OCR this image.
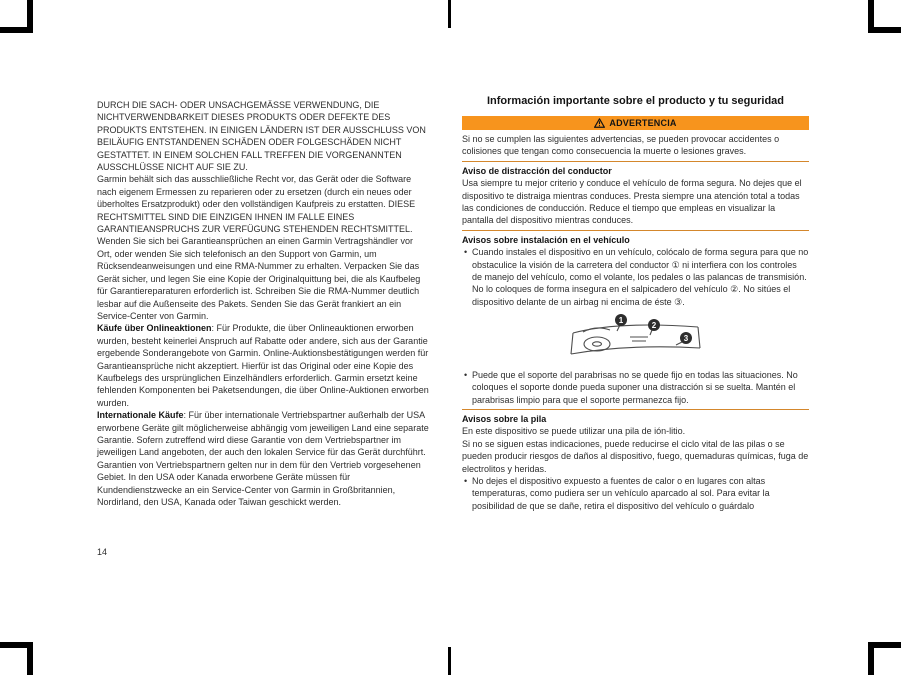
DURCH DIE SACH- ODER UNSACHGEMÄSSE VERWENDUNG, DIE NICHTVERWENDBARKEIT DIESES PRODUKTS ODER DEFEKTE DES PRODUKTS ENTSTEHEN. IN EINIGEN LÄNDERN IST DER AUSSCHLUSS VON BEILÄUFIG ENTSTANDENEN SCHÄDEN ODER FOLGESCHÄDEN NICHT GESTATTET. IN EINEM SOLCHEN FALL TREFFEN DIE VORGENANNTEN AUSSCHLÜSSE NICHT AUF SIE ZU.

Garmin behält sich das ausschließliche Recht vor, das Gerät oder die Software nach eigenem Ermessen zu reparieren oder zu ersetzen (durch ein neues oder überholtes Ersatzprodukt) oder den vollständigen Kaufpreis zu erstatten. DIESE RECHTSMITTEL SIND DIE EINZIGEN IHNEN IM FALLE EINES GARANTIEANSPRUCHS ZUR VERFÜGUNG STEHENDEN RECHTSMITTEL.

Wenden Sie sich bei Garantieansprüchen an einen Garmin Vertragshändler vor Ort, oder wenden Sie sich telefonisch an den Support von Garmin, um Rücksendeanweisungen und eine RMA-Nummer zu erhalten. Verpacken Sie das Gerät sicher, und legen Sie eine Kopie der Originalquittung bei, die als Kaufbeleg für Garantiereparaturen erforderlich ist. Schreiben Sie die RMA-Nummer deutlich lesbar auf die Außenseite des Pakets. Senden Sie das Gerät frankiert an ein Service-Center von Garmin.

Käufe über Onlineaktionen: Für Produkte, die über Onlineauktionen erworben wurden, besteht keinerlei Anspruch auf Rabatte oder andere, sich aus der Garantie ergebende Sonderangebote von Garmin. Online-Auktionsbestätigungen werden für Garantieansprüche nicht akzeptiert. Hierfür ist das Original oder eine Kopie des Kaufbelegs des ursprünglichen Einzelhändlers erforderlich. Garmin ersetzt keine fehlenden Komponenten bei Paketsendungen, die über Online-Auktionen erworben wurden.

Internationale Käufe: Für über internationale Vertriebspartner außerhalb der USA erworbene Geräte gilt möglicherweise abhängig vom jeweiligen Land eine separate Garantie. Sofern zutreffend wird diese Garantie von dem Vertriebspartner im jeweiligen Land angeboten, der auch den lokalen Service für das Gerät durchführt. Garantien von Vertriebspartnern gelten nur in dem für den Vertrieb vorgesehenen Gebiet. In den USA oder Kanada erworbene Geräte müssen für Kundendienstzwecke an ein Service-Center von Garmin in Großbritannien, Nordirland, den USA, Kanada oder Taiwan geschickt werden.

Información importante sobre el producto y tu seguridad
ADVERTENCIA

Si no se cumplen las siguientes advertencias, se pueden provocar accidentes o colisiones que tengan como consecuencia la muerte o lesiones graves.

Aviso de distracción del conductor

Usa siempre tu mejor criterio y conduce el vehículo de forma segura. No dejes que el dispositivo te distraiga mientras conduces. Presta siempre una atención total a todas las condiciones de conducción. Reduce el tiempo que empleas en visualizar la pantalla del dispositivo mientras conduces.

Avisos sobre instalación en el vehículo
• Cuando instales el dispositivo en un vehículo, colócalo de forma segura para que no obstaculice la visión de la carretera del conductor ① ni interfiera con los controles de manejo del vehículo, como el volante, los pedales o las palancas de transmisión. No lo coloques de forma insegura en el salpicadero del vehículo ②. No sitúes el dispositivo delante de un airbag ni encima de éste ③.
1
2
3
• Puede que el soporte del parabrisas no se quede fijo en todas las situaciones. No coloques el soporte donde pueda suponer una distracción si se suelta. Mantén el parabrisas limpio para que el soporte permanezca fijo.
Avisos sobre la pila

En este dispositivo se puede utilizar una pila de ión-litio.

Si no se siguen estas indicaciones, puede reducirse el ciclo vital de las pilas o se pueden producir riesgos de daños al dispositivo, fuego, quemaduras químicas, fuga de electrolitos y heridas.

• No dejes el dispositivo expuesto a fuentes de calor o en lugares con altas temperaturas, como pudiera ser un vehículo aparcado al sol. Para evitar la posibilidad de que se dañe, retira el dispositivo del vehículo o guárdalo
14
